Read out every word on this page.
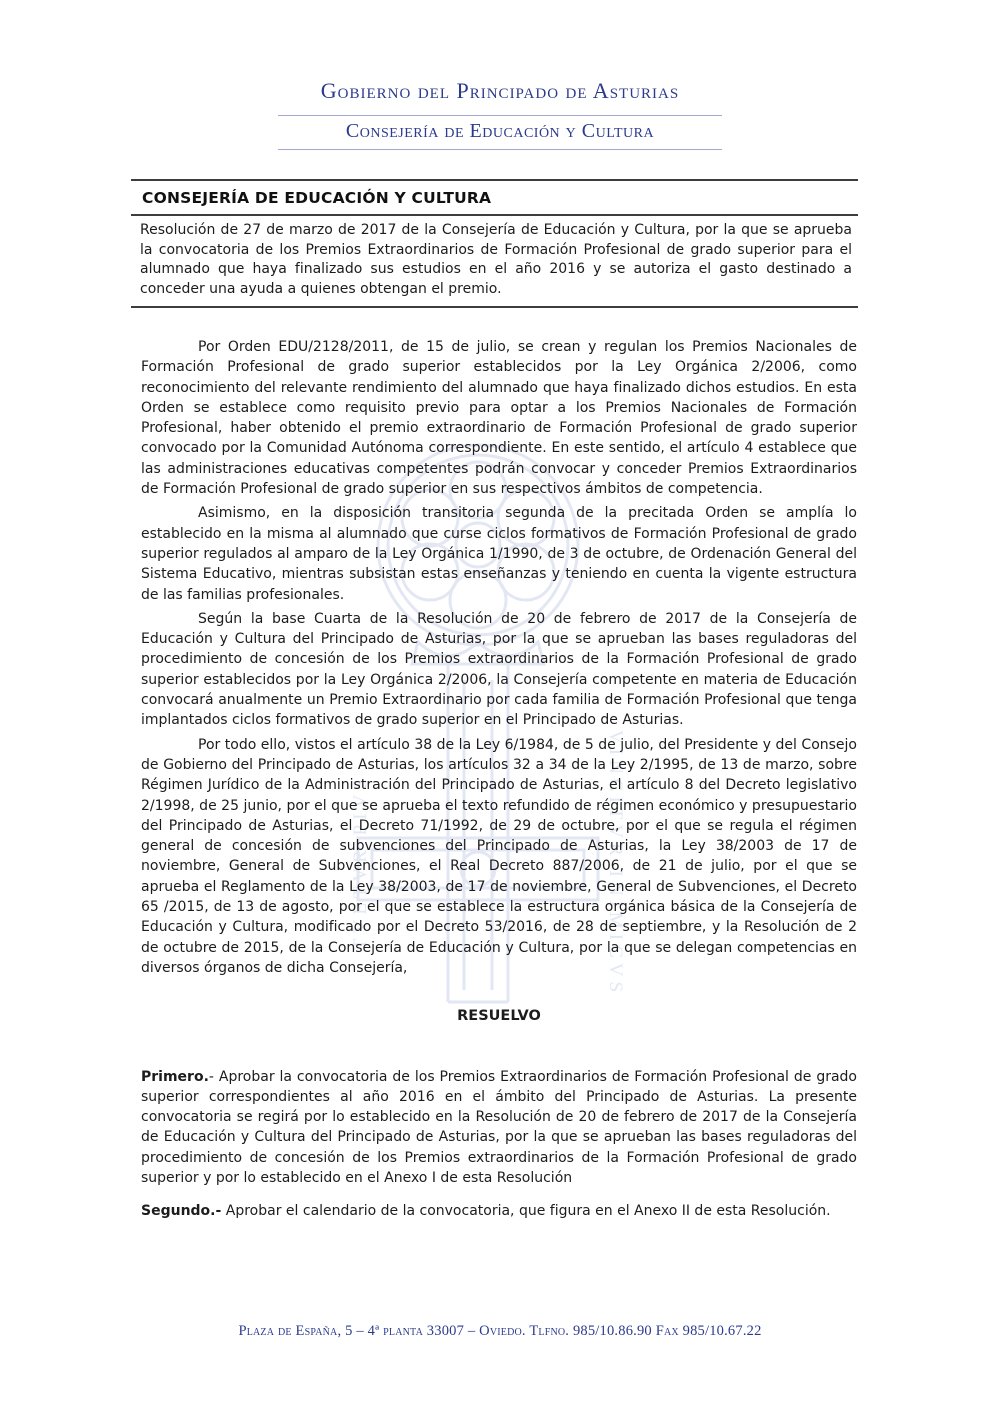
TVETVR PIVS	VINCITVR INIMICVS
Gobierno del Principado de Asturias
Consejería de Educación y Cultura
CONSEJERÍA DE EDUCACIÓN Y CULTURA

Resolución de 27 de marzo de 2017 de la Consejería de Educación y Cultura, por la que se aprueba la convocatoria de los Premios Extraordinarios de Formación Profesional de grado superior para el alumnado que haya finalizado sus estudios en el año 2016 y se autoriza el gasto destinado a conceder una ayuda a quienes obtengan el premio.

Por Orden EDU/2128/2011, de 15 de julio, se crean y regulan los Premios Nacionales de Formación Profesional de grado superior establecidos por la Ley Orgánica 2/2006, como reconocimiento del relevante rendimiento del alumnado que haya finalizado dichos estudios. En esta Orden se establece como requisito previo para optar a los Premios Nacionales de Formación Profesional, haber obtenido el premio extraordinario de Formación Profesional de grado superior convocado por la Comunidad Autónoma correspondiente. En este sentido, el artículo 4 establece que las administraciones educativas competentes podrán convocar y conceder Premios Extraordinarios de Formación Profesional de grado superior en sus respectivos ámbitos de competencia.

Asimismo, en la disposición transitoria segunda de la precitada Orden se amplía lo establecido en la misma al alumnado que curse ciclos formativos de Formación Profesional de grado superior regulados al amparo de la Ley Orgánica 1/1990, de 3 de octubre, de Ordenación General del Sistema Educativo, mientras subsistan estas enseñanzas y teniendo en cuenta la vigente estructura de las familias profesionales.

Según la base Cuarta de la Resolución de 20 de febrero de 2017 de la Consejería de Educación y Cultura del Principado de Asturias, por la que se aprueban las bases reguladoras del procedimiento de concesión de los Premios extraordinarios de la Formación Profesional de grado superior establecidos por la Ley Orgánica 2/2006, la Consejería competente en materia de Educación convocará anualmente un Premio Extraordinario por cada familia de Formación Profesional que tenga implantados ciclos formativos de grado superior en el Principado de Asturias.

Por todo ello, vistos el artículo 38 de la Ley 6/1984, de 5 de julio, del Presidente y del Consejo de Gobierno del Principado de Asturias, los artículos 32 a 34 de la Ley 2/1995, de 13 de marzo, sobre Régimen Jurídico de la Administración del Principado de Asturias, el artículo 8 del Decreto legislativo 2/1998, de 25 junio, por el que se aprueba el texto refundido de régimen económico y presupuestario del Principado de Asturias, el Decreto 71/1992, de 29 de octubre, por el que se regula el régimen general de concesión de subvenciones del Principado de Asturias, la Ley 38/2003 de 17 de noviembre, General de Subvenciones, el Real Decreto 887/2006, de 21 de julio, por el que se aprueba el Reglamento de la Ley 38/2003, de 17 de noviembre, General de Subvenciones, el Decreto 65 /2015, de 13 de agosto, por el que se establece la estructura orgánica básica de la Consejería de Educación y Cultura, modificado por el Decreto 53/2016, de 28 de septiembre, y la Resolución de 2 de octubre de 2015, de la Consejería de Educación y Cultura, por la que se delegan competencias en diversos órganos de dicha Consejería,

RESUELVO

Primero.- Aprobar la convocatoria de los Premios Extraordinarios de Formación Profesional de grado superior correspondientes al año 2016 en el ámbito del Principado de Asturias. La presente convocatoria se regirá por lo establecido en la Resolución de 20 de febrero de 2017 de la Consejería de Educación y Cultura del Principado de Asturias, por la que se aprueban las bases reguladoras del procedimiento de concesión de los Premios extraordinarios de la Formación Profesional de grado superior y por lo establecido en el Anexo I de esta Resolución

Segundo.- Aprobar el calendario de la convocatoria, que figura en el Anexo II de esta Resolución.

Plaza de España, 5 – 4ª planta 33007 – Oviedo. Tlfno. 985/10.86.90 Fax 985/10.67.22
